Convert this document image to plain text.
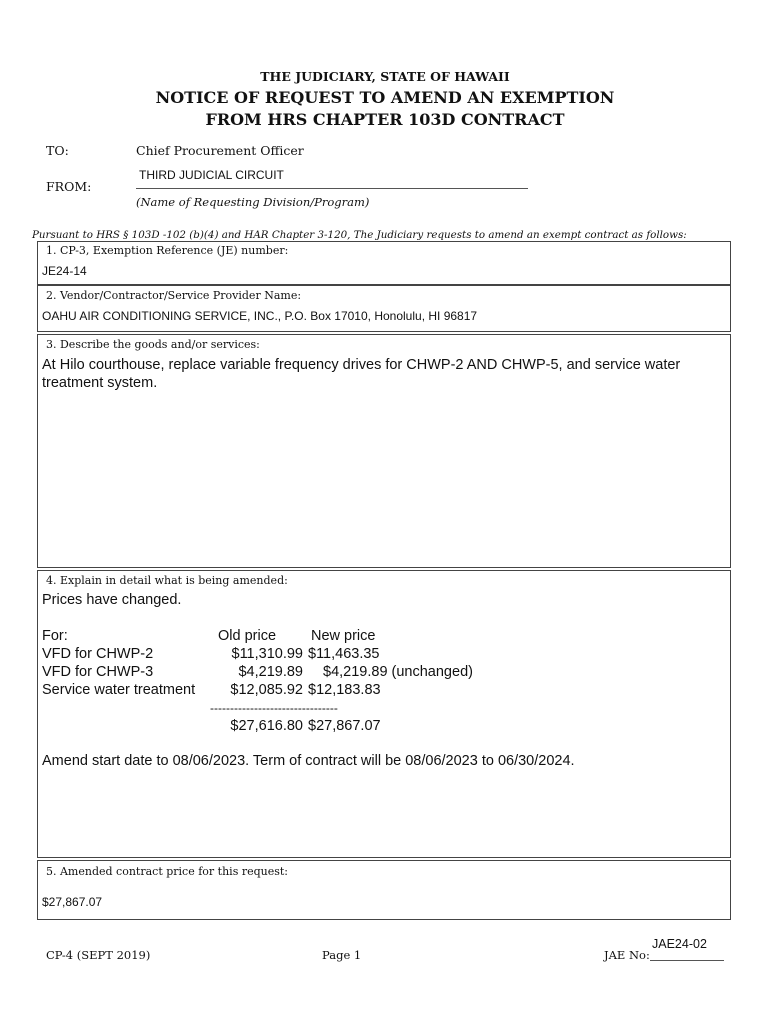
THE JUDICIARY, STATE OF HAWAII
NOTICE OF REQUEST TO AMEND AN EXEMPTION
FROM HRS CHAPTER 103D CONTRACT
TO:	Chief Procurement Officer
FROM:
THIRD JUDICIAL CIRCUIT
(Name of Requesting Division/Program)
Pursuant to HRS § 103D -102 (b)(4) and HAR Chapter 3-120, The Judiciary requests to amend an exempt contract as follows:
1. CP-3, Exemption Reference (JE) number:
JE24-14
2. Vendor/Contractor/Service Provider Name:
OAHU AIR CONDITIONING SERVICE, INC., P.O. Box 17010, Honolulu, HI 96817
3. Describe the goods and/or services:
At Hilo courthouse, replace variable frequency drives for CHWP-2 AND CHWP-5, and service water treatment system.
4. Explain in detail what is being amended:
Prices have changed.
For:	Old price	New price
VFD for CHWP-2	$11,310.99	$11,463.35
VFD for CHWP-3	$4,219.89	$4,219.89 (unchanged)
Service water treatment	$12,085.92	$12,183.83
	--------------------------------	
	$27,616.80	$27,867.07
Amend start date to 08/06/2023. Term of contract will be 08/06/2023 to 06/30/2024.
5. Amended contract price for this request:
$27,867.07
CP-4 (SEPT 2019)	Page 1	JAE No:
JAE24-02
